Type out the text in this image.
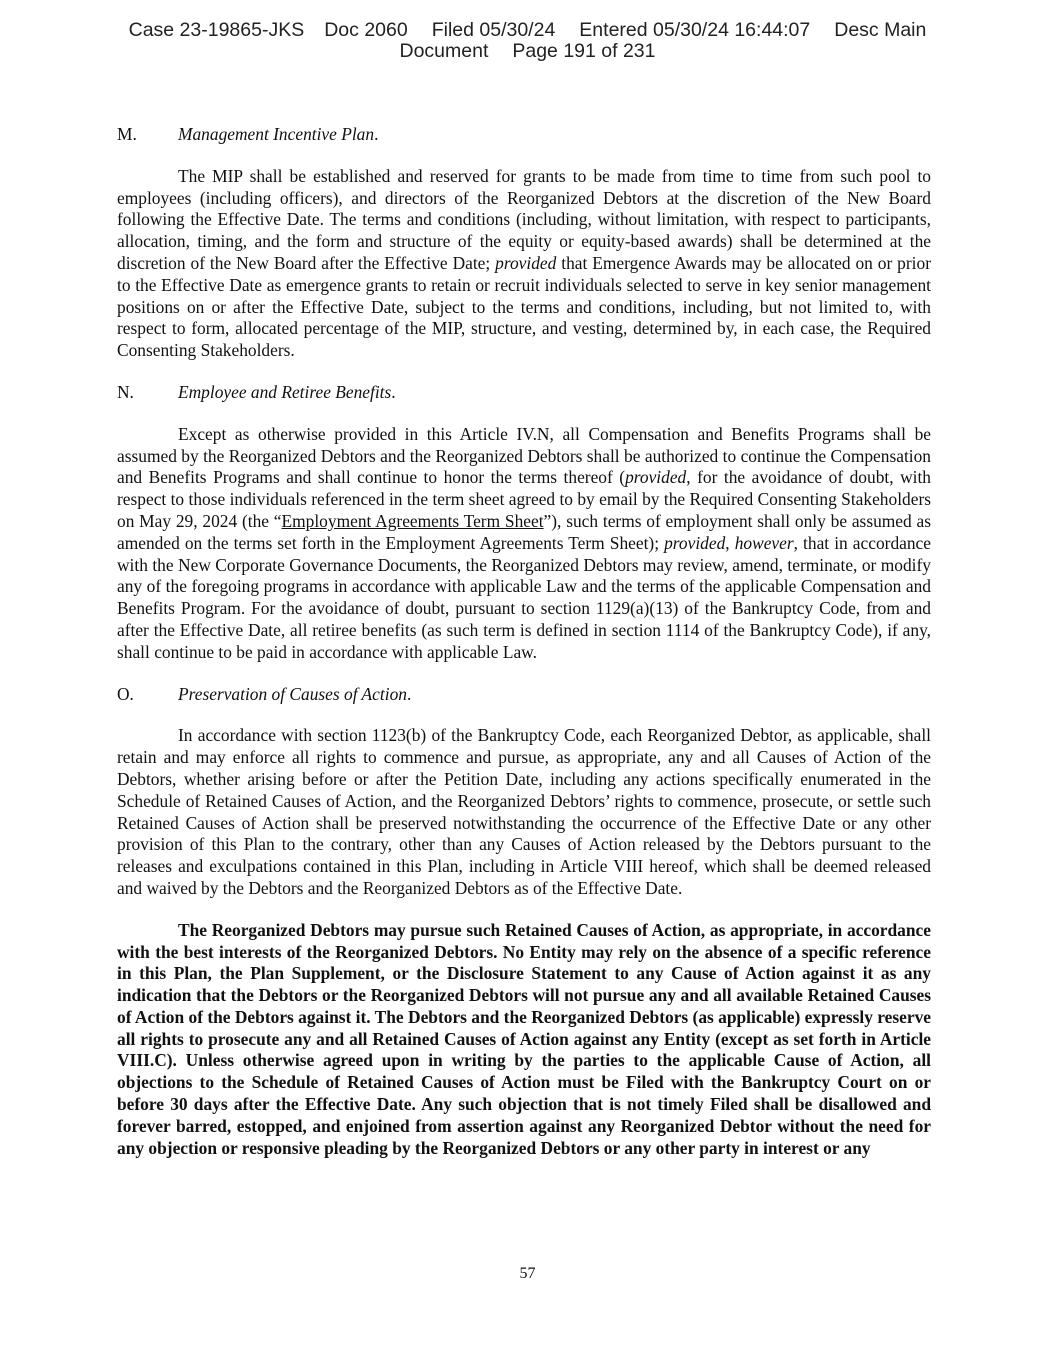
Case 23-19865-JKS Doc 2060 Filed 05/30/24 Entered 05/30/24 16:44:07 Desc Main
Document Page 191 of 231
M. Management Incentive Plan.

The MIP shall be established and reserved for grants to be made from time to time from such pool to employees (including officers), and directors of the Reorganized Debtors at the discretion of the New Board following the Effective Date. The terms and conditions (including, without limitation, with respect to participants, allocation, timing, and the form and structure of the equity or equity-based awards) shall be determined at the discretion of the New Board after the Effective Date; provided that Emergence Awards may be allocated on or prior to the Effective Date as emergence grants to retain or recruit individuals selected to serve in key senior management positions on or after the Effective Date, subject to the terms and conditions, including, but not limited to, with respect to form, allocated percentage of the MIP, structure, and vesting, determined by, in each case, the Required Consenting Stakeholders.

N.	Employee and Retiree Benefits.

Except as otherwise provided in this Article IV.N, all Compensation and Benefits Programs shall be assumed by the Reorganized Debtors and the Reorganized Debtors shall be authorized to continue the Compensation and Benefits Programs and shall continue to honor the terms thereof (provided, for the avoidance of doubt, with respect to those individuals referenced in the term sheet agreed to by email by the Required Consenting Stakeholders on May 29, 2024 (the “Employment Agreements Term Sheet”), such terms of employment shall only be assumed as amended on the terms set forth in the Employment Agreements Term Sheet); provided, however, that in accordance with the New Corporate Governance Documents, the Reorganized Debtors may review, amend, terminate, or modify any of the foregoing programs in accordance with applicable Law and the terms of the applicable Compensation and Benefits Program. For the avoidance of doubt, pursuant to section 1129(a)(13) of the Bankruptcy Code, from and after the Effective Date, all retiree benefits (as such term is defined in section 1114 of the Bankruptcy Code), if any, shall continue to be paid in accordance with applicable Law.

O.	Preservation of Causes of Action.

In accordance with section 1123(b) of the Bankruptcy Code, each Reorganized Debtor, as applicable, shall retain and may enforce all rights to commence and pursue, as appropriate, any and all Causes of Action of the Debtors, whether arising before or after the Petition Date, including any actions specifically enumerated in the Schedule of Retained Causes of Action, and the Reorganized Debtors’ rights to commence, prosecute, or settle such Retained Causes of Action shall be preserved notwithstanding the occurrence of the Effective Date or any other provision of this Plan to the contrary, other than any Causes of Action released by the Debtors pursuant to the releases and exculpations contained in this Plan, including in Article VIII hereof, which shall be deemed released and waived by the Debtors and the Reorganized Debtors as of the Effective Date.

The Reorganized Debtors may pursue such Retained Causes of Action, as appropriate, in accordance with the best interests of the Reorganized Debtors. No Entity may rely on the absence of a specific reference in this Plan, the Plan Supplement, or the Disclosure Statement to any Cause of Action against it as any indication that the Debtors or the Reorganized Debtors will not pursue any and all available Retained Causes of Action of the Debtors against it. The Debtors and the Reorganized Debtors (as applicable) expressly reserve all rights to prosecute any and all Retained Causes of Action against any Entity (except as set forth in Article VIII.C). Unless otherwise agreed upon in writing by the parties to the applicable Cause of Action, all objections to the Schedule of Retained Causes of Action must be Filed with the Bankruptcy Court on or before 30 days after the Effective Date. Any such objection that is not timely Filed shall be disallowed and forever barred, estopped, and enjoined from assertion against any Reorganized Debtor without the need for any objection or responsive pleading by the Reorganized Debtors or any other party in interest or any

57
